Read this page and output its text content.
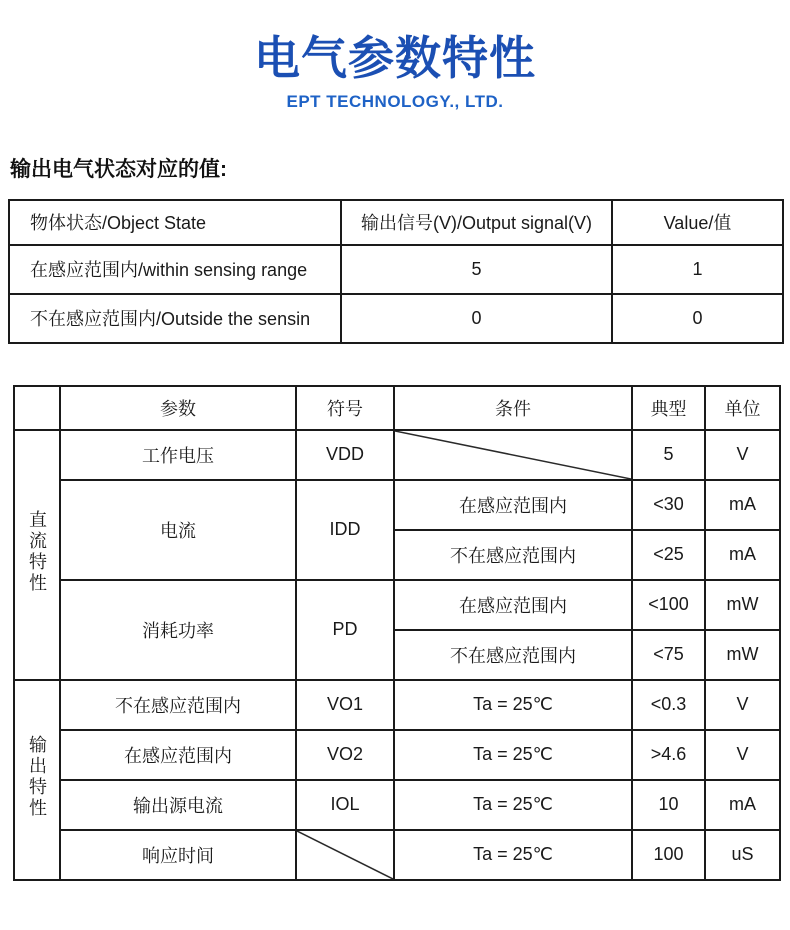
电气参数特性
EPT TECHNOLOGY., LTD.
输出电气状态对应的值:
物体状态/Object State	输出信号(V)/Output signal(V)	Value/值
在感应范围内/within sensing range	5	1
不在感应范围内/Outside the sensin	0	0
	参数	符号	条件	典型	单位
直流特性	工作电压	VDD		5	V
	电流	IDD	在感应范围内	<30	mA
			不在感应范围内	<25	mA
	消耗功率	PD	在感应范围内	<100	mW
			不在感应范围内	<75	mW
输出特性	不在感应范围内	VO1	Ta = 25℃	<0.3	V
	在感应范围内	VO2	Ta = 25℃	>4.6	V
	输出源电流	IOL	Ta = 25℃	10	mA
	响应时间		Ta = 25℃	100	uS
